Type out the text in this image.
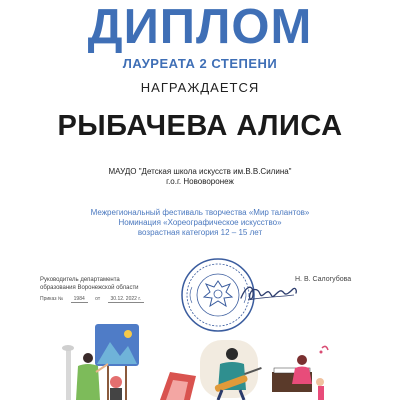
ДИПЛОМ
ЛАУРЕАТА 2 СТЕПЕНИ
НАГРАЖДАЕТСЯ
РЫБАЧЕВА АЛИСА
МАУДО "Детская школа искусств им.В.В.Силина"
г.о.г. Нововоронеж
Межрегиональный фестиваль творчества «Мир талантов»
Номинация «Хореографическое искусство»
возрастная категория 12 – 15 лет
Руководитель департамента
образования Воронежской области
Приказ № 1984 от 30.12. 2022 г.
Н. В. Салогубова
